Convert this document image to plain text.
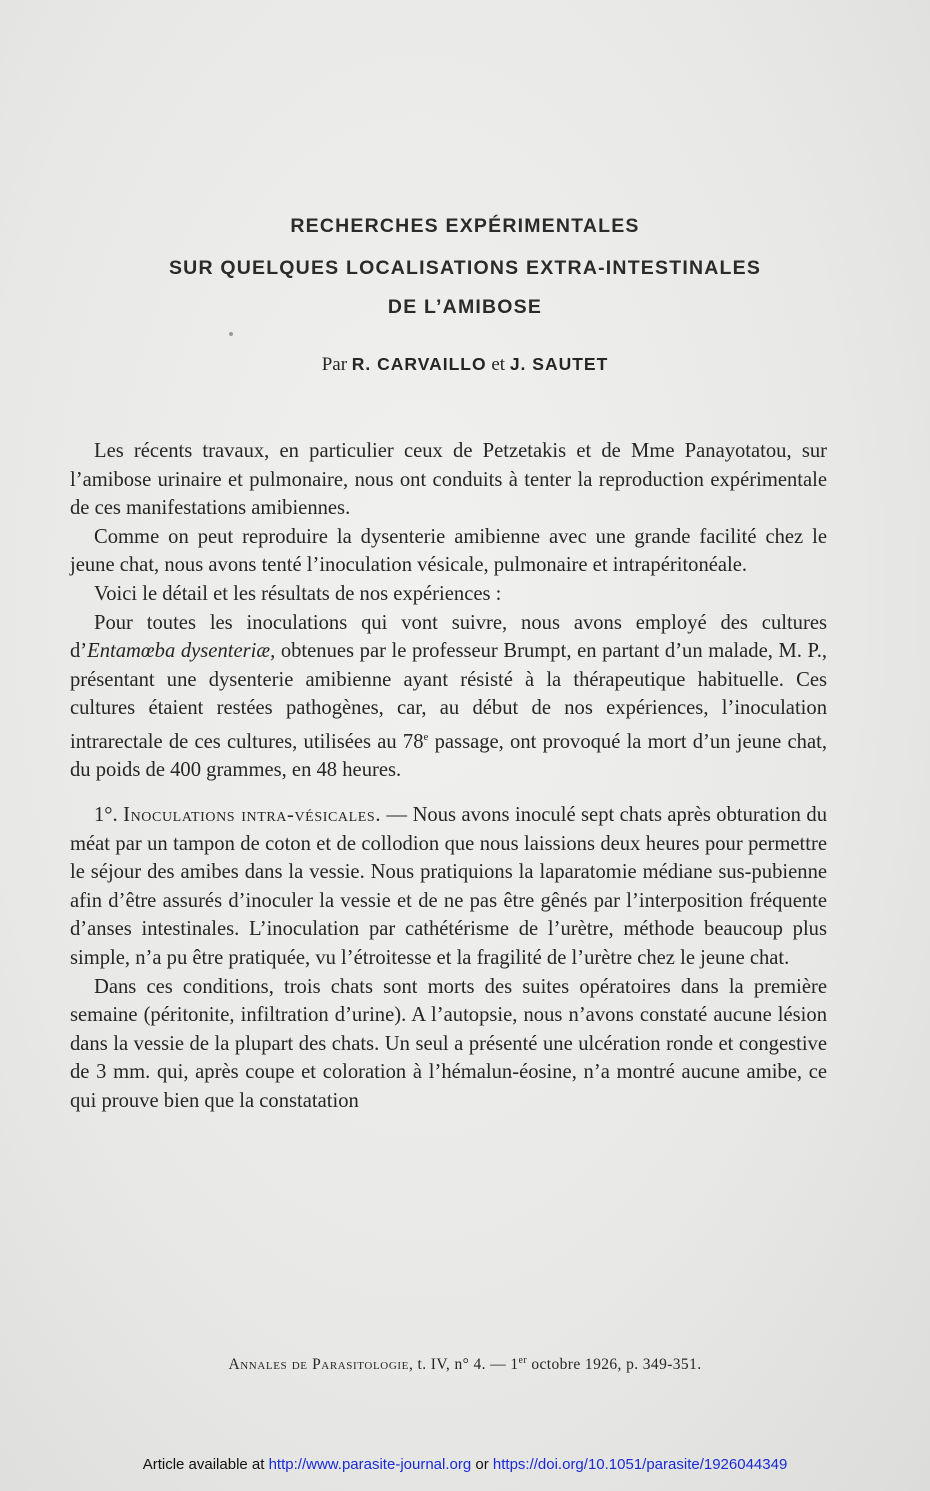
RECHERCHES EXPÉRIMENTALES
SUR QUELQUES LOCALISATIONS EXTRA-INTESTINALES
DE L’AMIBOSE
Par R. CARVAILLO et J. SAUTET

Les récents travaux, en particulier ceux de Petzetakis et de Mme Panayotatou, sur l’amibose urinaire et pulmonaire, nous ont conduits à tenter la reproduction expérimentale de ces manifestations amibiennes.

Comme on peut reproduire la dysenterie amibienne avec une grande facilité chez le jeune chat, nous avons tenté l’inoculation vésicale, pulmonaire et intrapéritonéale.

Voici le détail et les résultats de nos expériences :

Pour toutes les inoculations qui vont suivre, nous avons employé des cultures d’Entamœba dysenteriæ, obtenues par le professeur Brumpt, en partant d’un malade, M. P., présentant une dysenterie amibienne ayant résisté à la thérapeutique habituelle. Ces cultures étaient restées pathogènes, car, au début de nos expériences, l’inoculation intrarectale de ces cultures, utilisées au 78e passage, ont provoqué la mort d’un jeune chat, du poids de 400 grammes, en 48 heures.

1°. Inoculations intra-vésicales. — Nous avons inoculé sept chats après obturation du méat par un tampon de coton et de collodion que nous laissions deux heures pour permettre le séjour des amibes dans la vessie. Nous pratiquions la laparatomie médiane sus-pubienne afin d’être assurés d’inoculer la vessie et de ne pas être gênés par l’interposition fréquente d’anses intestinales. L’inoculation par cathétérisme de l’urètre, méthode beaucoup plus simple, n’a pu être pratiquée, vu l’étroitesse et la fragilité de l’urètre chez le jeune chat.

Dans ces conditions, trois chats sont morts des suites opératoires dans la première semaine (péritonite, infiltration d’urine). A l’autopsie, nous n’avons constaté aucune lésion dans la vessie de la plupart des chats. Un seul a présenté une ulcération ronde et congestive de 3 mm. qui, après coupe et coloration à l’hémalun-éosine, n’a montré aucune amibe, ce qui prouve bien que la constatation

Annales de Parasitologie, t. IV, n° 4. — 1er octobre 1926, p. 349-351.
Article available at http://www.parasite-journal.org or https://doi.org/10.1051/parasite/1926044349
